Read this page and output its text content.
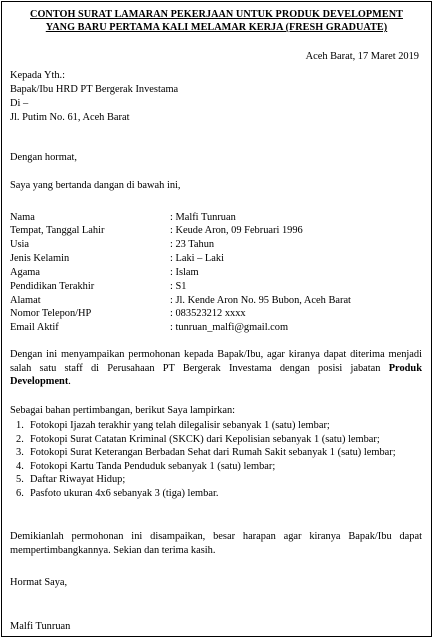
CONTOH SURAT LAMARAN PEKERJAAN UNTUK PRODUK DEVELOPMENT
YANG BARU PERTAMA KALI MELAMAR KERJA (FRESH GRADUATE)
Aceh Barat, 17 Maret 2019
Kepada Yth.:
Bapak/Ibu HRD PT Bergerak Investama
Di –
Jl. Putim No. 61, Aceh Barat
Dengan hormat,
Saya yang bertanda dangan di bawah ini,
Nama	: Malfi Tunruan
Tempat, Tanggal Lahir	: Keude Aron, 09 Februari 1996
Usia	: 23 Tahun
Jenis Kelamin	: Laki – Laki
Agama	: Islam
Pendidikan Terakhir	: S1
Alamat	: Jl. Kende Aron No. 95 Bubon, Aceh Barat
Nomor Telepon/HP	: 083523212 xxxx
Email Aktif	: tunruan_malfi@gmail.com
Dengan ini menyampaikan permohonan kepada Bapak/Ibu, agar kiranya dapat diterima menjadi salah satu staff di Perusahaan PT Bergerak Investama dengan posisi jabatan Produk Development.
Sebagai bahan pertimbangan, berikut Saya lampirkan:
1. Fotokopi Ijazah terakhir yang telah dilegalisir sebanyak 1 (satu) lembar;
2. Fotokopi Surat Catatan Kriminal (SKCK) dari Kepolisian sebanyak 1 (satu) lembar;
3. Fotokopi Surat Keterangan Berbadan Sehat dari Rumah Sakit sebanyak 1 (satu) lembar;
4. Fotokopi Kartu Tanda Penduduk sebanyak 1 (satu) lembar;
5. Daftar Riwayat Hidup;
6. Pasfoto ukuran 4x6 sebanyak 3 (tiga) lembar.
Demikianlah permohonan ini disampaikan, besar harapan agar kiranya Bapak/Ibu dapat mempertimbangkannya. Sekian dan terima kasih.
Hormat Saya,
Malfi Tunruan
